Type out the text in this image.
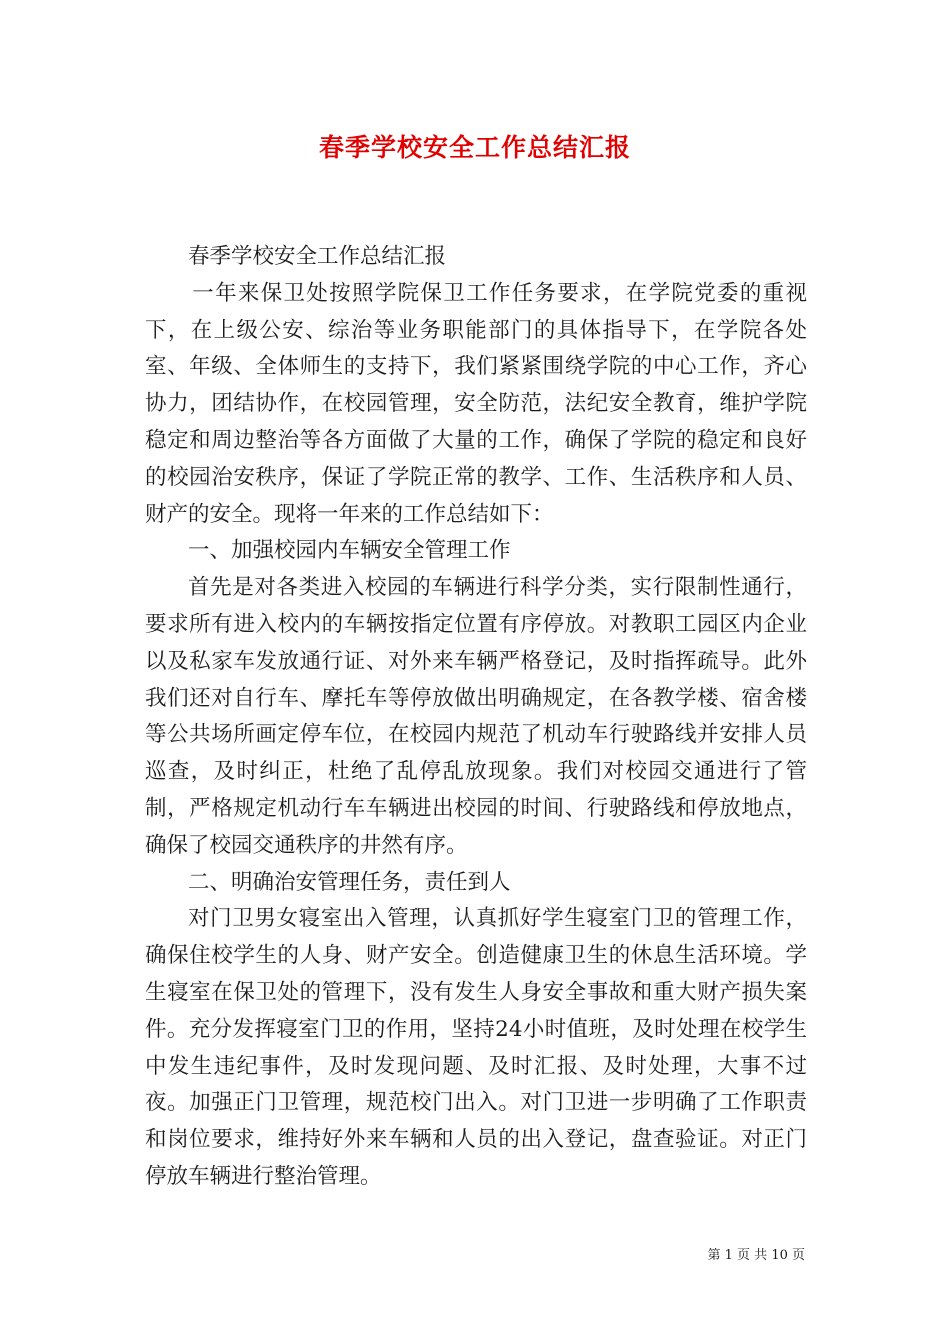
春季学校安全工作总结汇报

春季学校安全工作总结汇报

一年来保卫处按照学院保卫工作任务要求，在学院党委的重视下，在上级公安、综治等业务职能部门的具体指导下，在学院各处室、年级、全体师生的支持下，我们紧紧围绕学院的中心工作，齐心协力，团结协作，在校园管理，安全防范，法纪安全教育，维护学院稳定和周边整治等各方面做了大量的工作，确保了学院的稳定和良好的校园治安秩序，保证了学院正常的教学、工作、生活秩序和人员、财产的安全。现将一年来的工作总结如下：

一、加强校园内车辆安全管理工作

首先是对各类进入校园的车辆进行科学分类，实行限制性通行，要求所有进入校内的车辆按指定位置有序停放。对教职工园区内企业以及私家车发放通行证、对外来车辆严格登记，及时指挥疏导。此外我们还对自行车、摩托车等停放做出明确规定，在各教学楼、宿舍楼等公共场所画定停车位，在校园内规范了机动车行驶路线并安排人员巡查，及时纠正，杜绝了乱停乱放现象。我们对校园交通进行了管制，严格规定机动行车车辆进出校园的时间、行驶路线和停放地点，确保了校园交通秩序的井然有序。

二、明确治安管理任务，责任到人

对门卫男女寝室出入管理，认真抓好学生寝室门卫的管理工作，确保住校学生的人身、财产安全。创造健康卫生的休息生活环境。学生寝室在保卫处的管理下，没有发生人身安全事故和重大财产损失案件。充分发挥寝室门卫的作用，坚持24小时值班，及时处理在校学生中发生违纪事件，及时发现问题、及时汇报、及时处理，大事不过夜。加强正门卫管理，规范校门出入。对门卫进一步明确了工作职责和岗位要求，维持好外来车辆和人员的出入登记，盘查验证。对正门停放车辆进行整治管理。

第 1 页 共 10 页
